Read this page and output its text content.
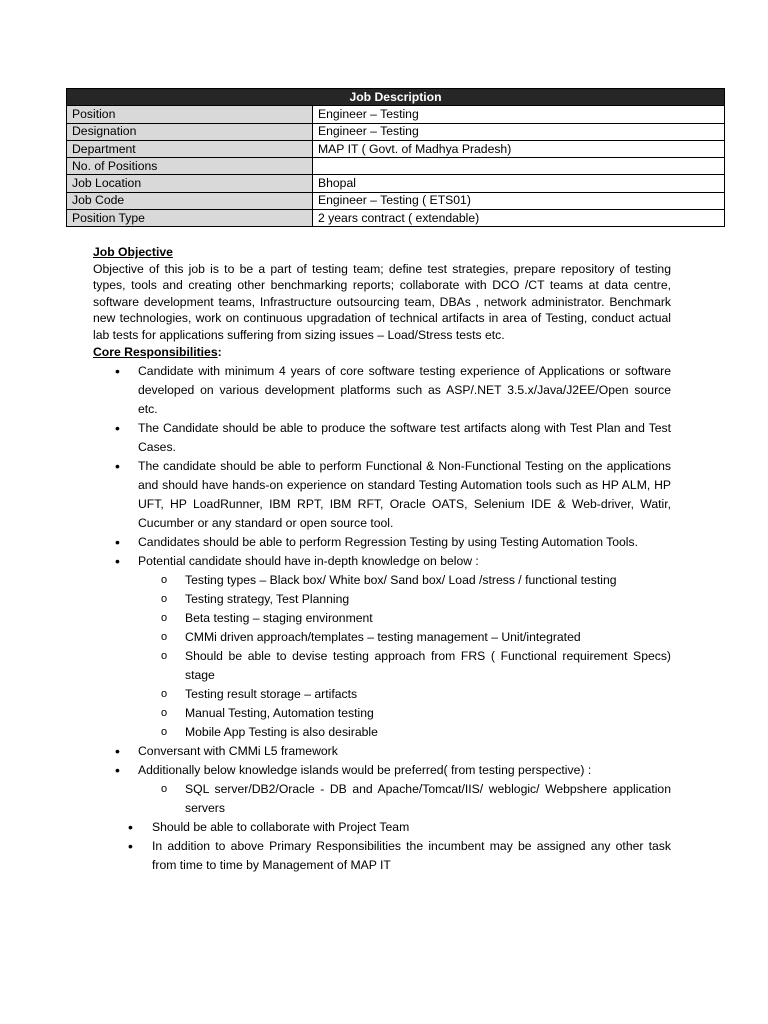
Job Description	
Position	Engineer – Testing
Designation	Engineer – Testing
Department	MAP IT ( Govt. of Madhya Pradesh)
No. of Positions	
Job Location	Bhopal
Job Code	Engineer – Testing ( ETS01)
Position Type	2 years contract ( extendable)
Job Objective
Objective of this job is to be a part of testing team; define test strategies, prepare repository of testing types, tools and creating other benchmarking reports; collaborate with DCO /CT teams at data centre, software development teams, Infrastructure outsourcing team, DBAs , network administrator. Benchmark new technologies, work on continuous upgradation of technical artifacts in area of Testing, conduct actual lab tests for applications suffering from sizing issues – Load/Stress tests etc.
Core Responsibilities:
• Candidate with minimum 4 years of core software testing experience of Applications or software developed on various development platforms such as ASP/.NET 3.5.x/Java/J2EE/Open source etc.
• The Candidate should be able to produce the software test artifacts along with Test Plan and Test Cases.
• The candidate should be able to perform Functional & Non-Functional Testing on the applications and should have hands-on experience on standard Testing Automation tools such as HP ALM, HP UFT, HP LoadRunner, IBM RPT, IBM RFT, Oracle OATS, Selenium IDE & Web-driver, Watir, Cucumber or any standard or open source tool.
• Candidates should be able to perform Regression Testing by using Testing Automation Tools.
• Potential candidate should have in-depth knowledge on below :
o Testing types – Black box/ White box/ Sand box/ Load /stress / functional testing
o Testing strategy, Test Planning
o Beta testing – staging environment
o CMMi driven approach/templates – testing management – Unit/integrated
o Should be able to devise testing approach from FRS ( Functional requirement Specs) stage
o Testing result storage – artifacts
o Manual Testing, Automation testing
o Mobile App Testing is also desirable
• Conversant with CMMi L5 framework
• Additionally below knowledge islands would be preferred( from testing perspective) :
o SQL server/DB2/Oracle - DB and Apache/Tomcat/IIS/ weblogic/ Webpshere application servers
• Should be able to collaborate with Project Team
• In addition to above Primary Responsibilities the incumbent may be assigned any other task from time to time by Management of MAP IT
